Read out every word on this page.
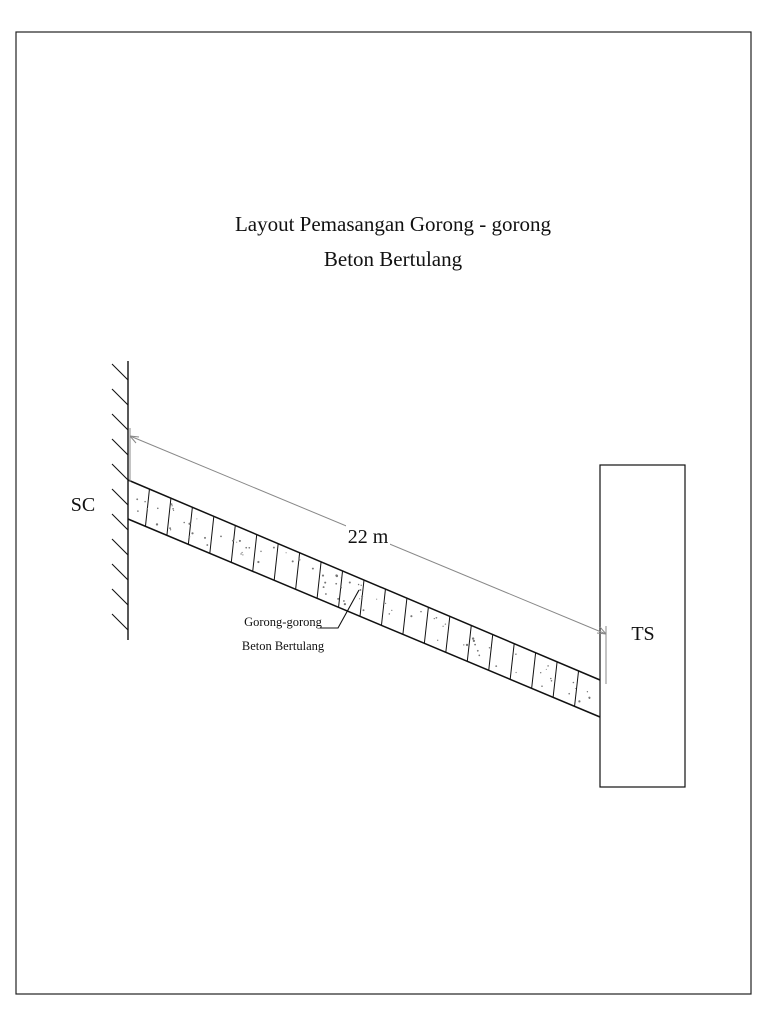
Layout Pemasangan Gorong - gorong
Beton Bertulang
SC
TS
22 m
Gorong-gorong
Beton Bertulang
